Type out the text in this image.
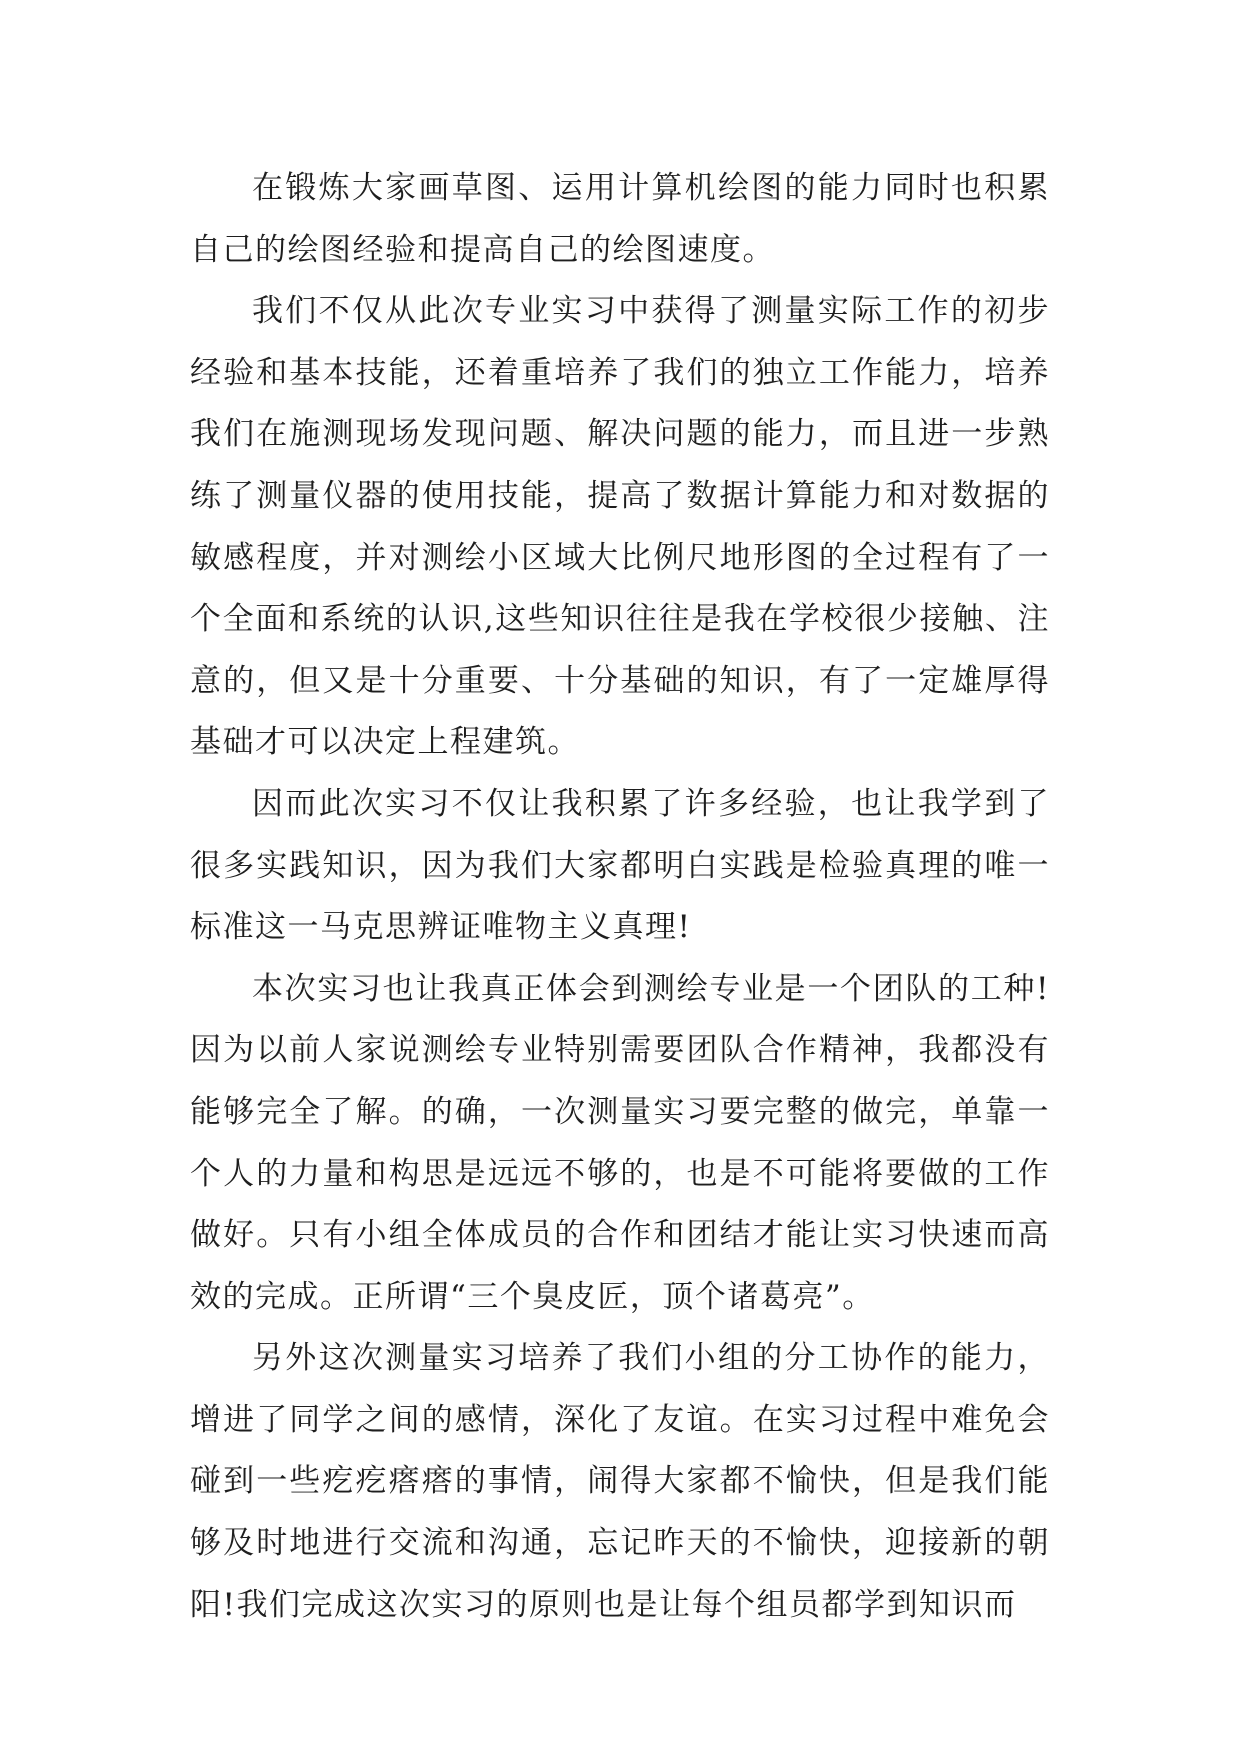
在锻炼大家画草图、运用计算机绘图的能力同时也积累自己的绘图经验和提高自己的绘图速度。

我们不仅从此次专业实习中获得了测量实际工作的初步经验和基本技能，还着重培养了我们的独立工作能力，培养我们在施测现场发现问题、解决问题的能力，而且进一步熟练了测量仪器的使用技能，提高了数据计算能力和对数据的敏感程度，并对测绘小区域大比例尺地形图的全过程有了一个全面和系统的认识,这些知识往往是我在学校很少接触、注意的，但又是十分重要、十分基础的知识，有了一定雄厚得基础才可以决定上程建筑。

因而此次实习不仅让我积累了许多经验，也让我学到了很多实践知识，因为我们大家都明白实践是检验真理的唯一标准这一马克思辨证唯物主义真理!

本次实习也让我真正体会到测绘专业是一个团队的工种!因为以前人家说测绘专业特别需要团队合作精神，我都没有能够完全了解。的确，一次测量实习要完整的做完，单靠一个人的力量和构思是远远不够的，也是不可能将要做的工作做好。只有小组全体成员的合作和团结才能让实习快速而高效的完成。正所谓“三个臭皮匠，顶个诸葛亮”。

另外这次测量实习培养了我们小组的分工协作的能力，增进了同学之间的感情，深化了友谊。在实习过程中难免会碰到一些疙疙瘩瘩的事情，闹得大家都不愉快，但是我们能够及时地进行交流和沟通，忘记昨天的不愉快，迎接新的朝阳!我们完成这次实习的原则也是让每个组员都学到知识而
